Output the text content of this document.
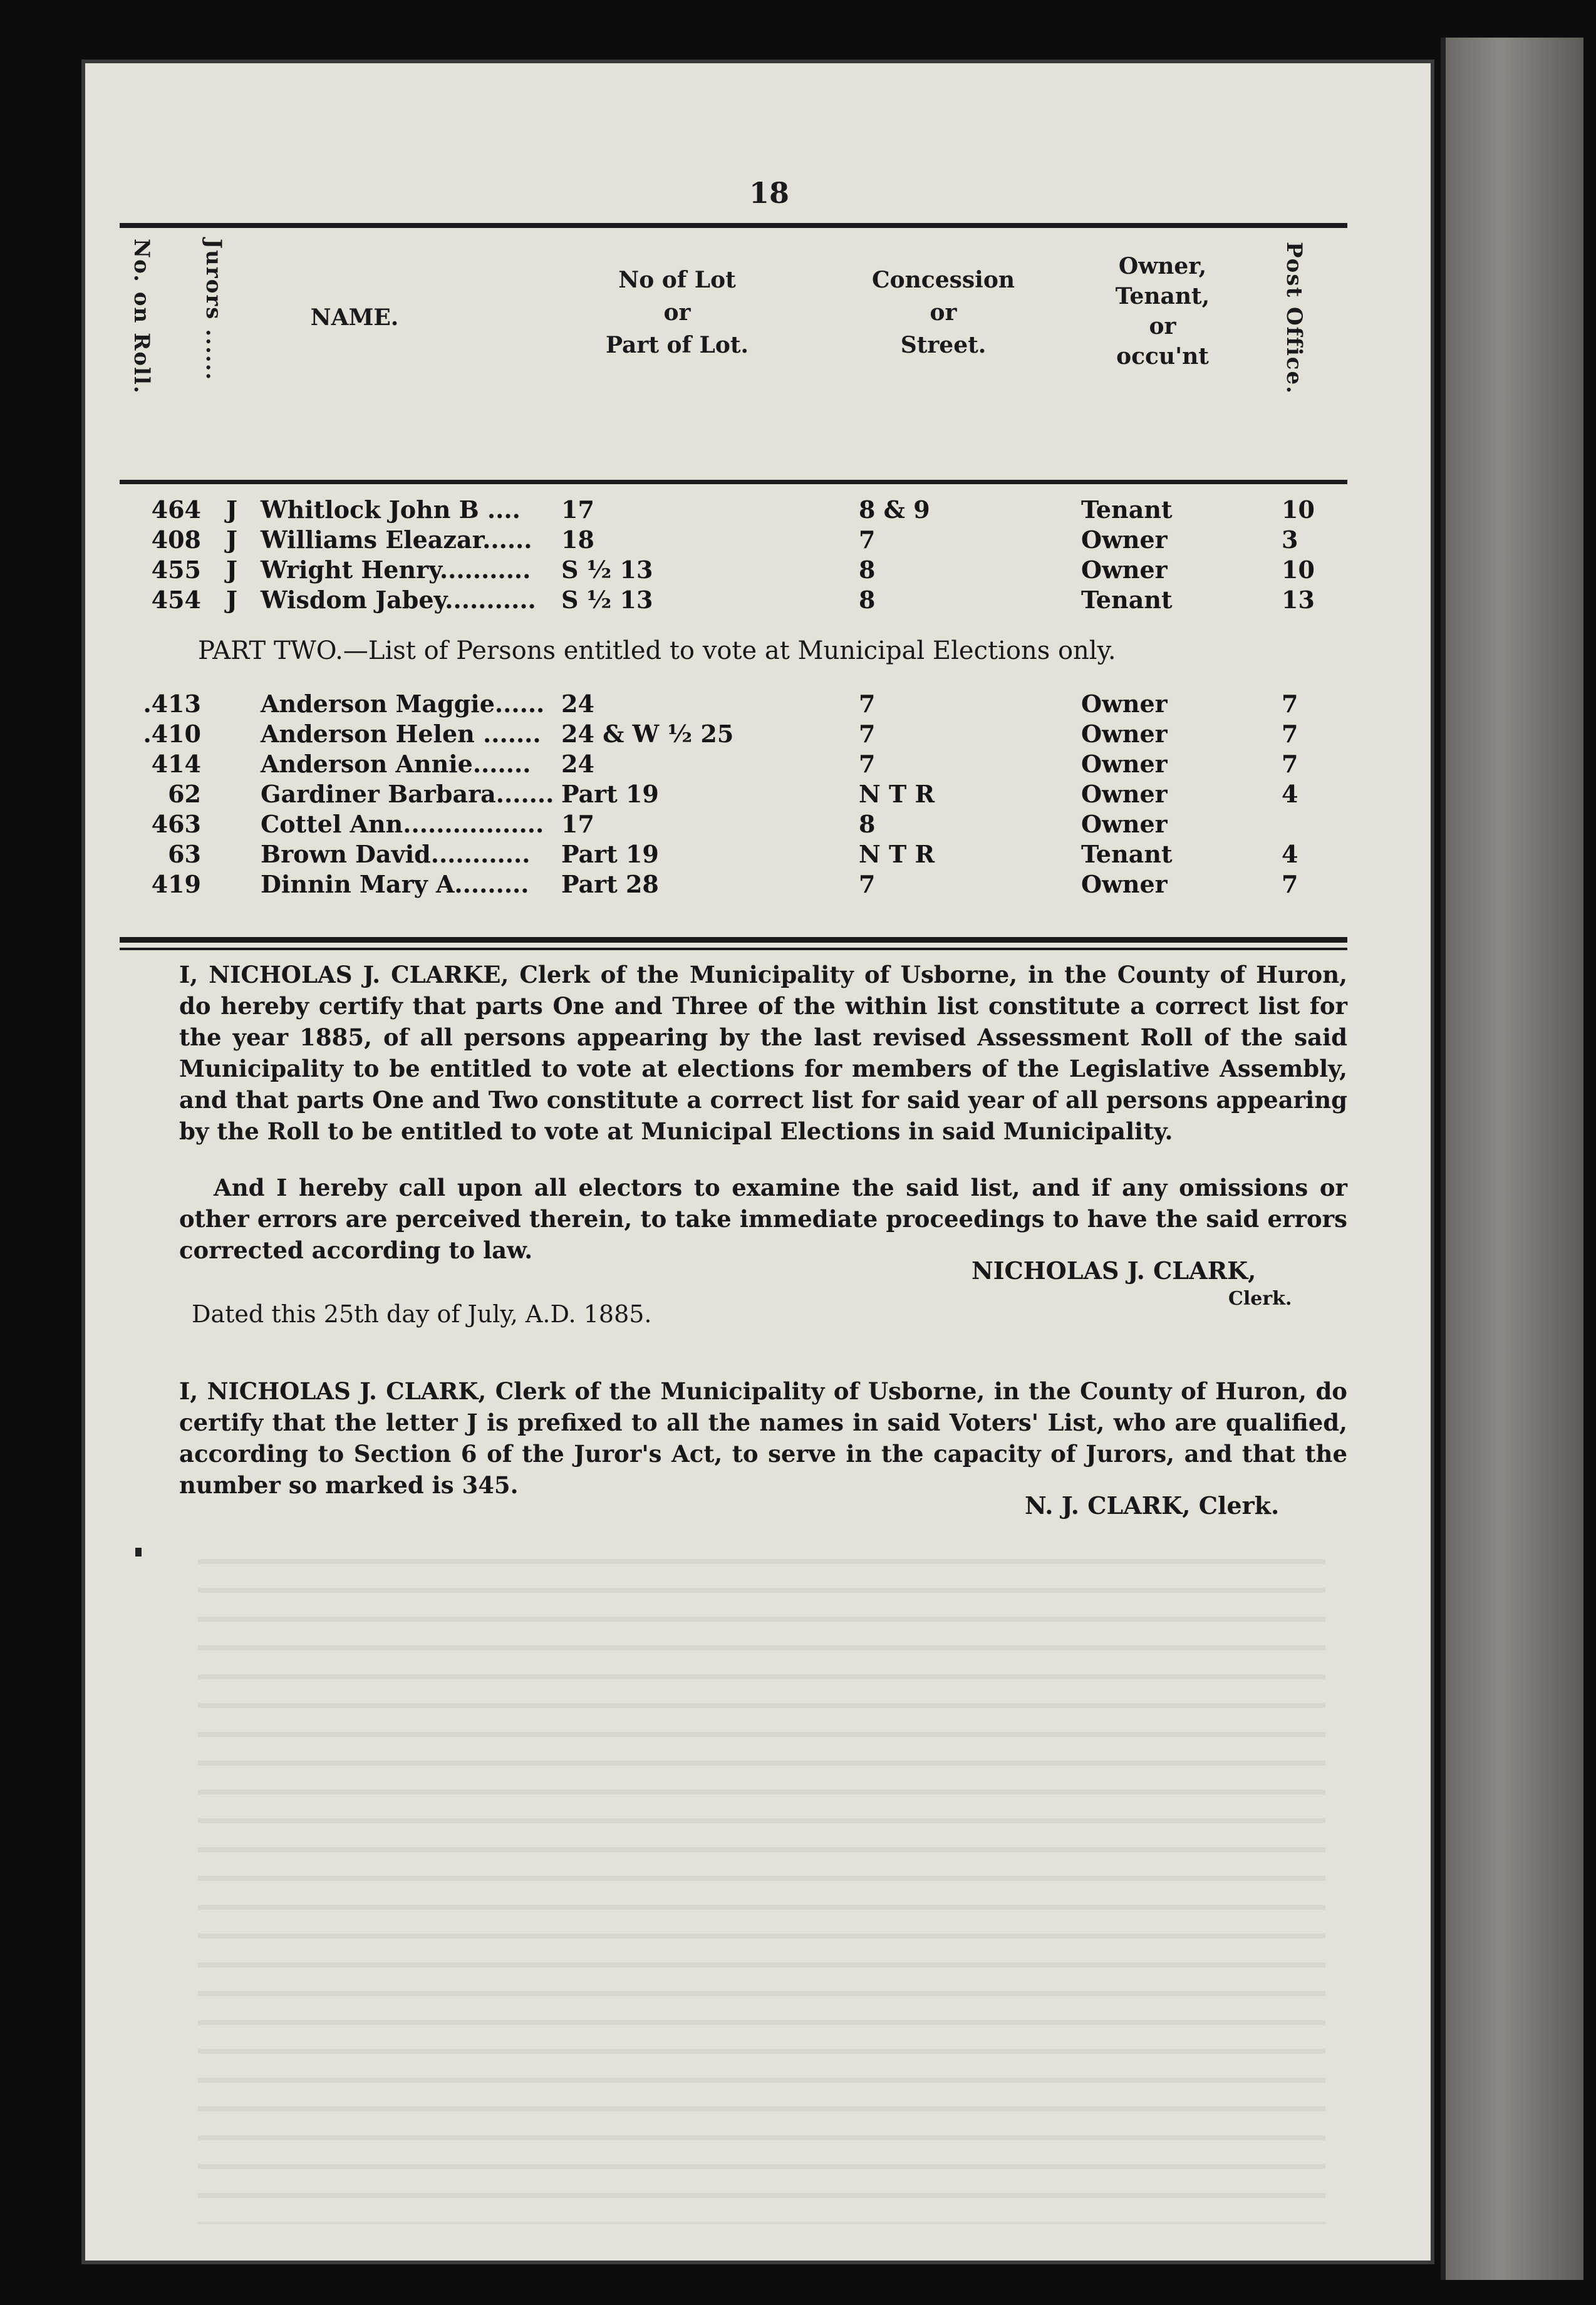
18
No. on Roll. Jurors ......	NAME.
No of Lot
or
Part of Lot.
Concession
or
Street.
Owner,
Tenant,
or
occu'nt	Post Office.
464 J Whitlock John B .... 17	8 & 9	Tenant	10
408 J Williams Eleazar...... 18	7	Owner	3
455 J Wright Henry........... S ½ 13	8	Owner	10
454 J Wisdom Jabey........... S ½ 13	8	Tenant	13
PART TWO.—List of Persons entitled to vote at Municipal Elections only.
.413	Anderson Maggie...... 24	7	Owner	7
.410	Anderson Helen ....... 24 & W ½ 25	7	Owner	7
414	Anderson Annie....... 24	7	Owner	7
62	Gardiner Barbara....... Part 19	N T R	Owner	4
463	Cottel Ann................. 17	8	Owner
63	Brown David............ Part 19	N T R	Tenant	4
419	Dinnin Mary A......... Part 28	7	Owner	7
I, NICHOLAS J. CLARKE, Clerk of the Municipality of Usborne, in the County of Huron, do hereby certify that parts One and Three of the within list constitute a correct list for the year 1885, of all persons appearing by the last revised Assessment Roll of the said Municipality to be entitled to vote at elections for members of the Legislative Assembly, and that parts One and Two constitute a correct list for said year of all persons appearing by the Roll to be entitled to vote at Municipal Elections in said Municipality.
And I hereby call upon all electors to examine the said list, and if any omissions or other errors are perceived therein, to take immediate proceedings to have the said errors corrected according to law.
NICHOLAS J. CLARK,
Clerk.
Dated this 25th day of July, A.D. 1885.
I, NICHOLAS J. CLARK, Clerk of the Municipality of Usborne, in the County of Huron, do certify that the letter J is prefixed to all the names in said Voters' List, who are qualified, according to Section 6 of the Juror's Act, to serve in the capacity of Jurors, and that the number so marked is 345.
N. J. CLARK, Clerk.
